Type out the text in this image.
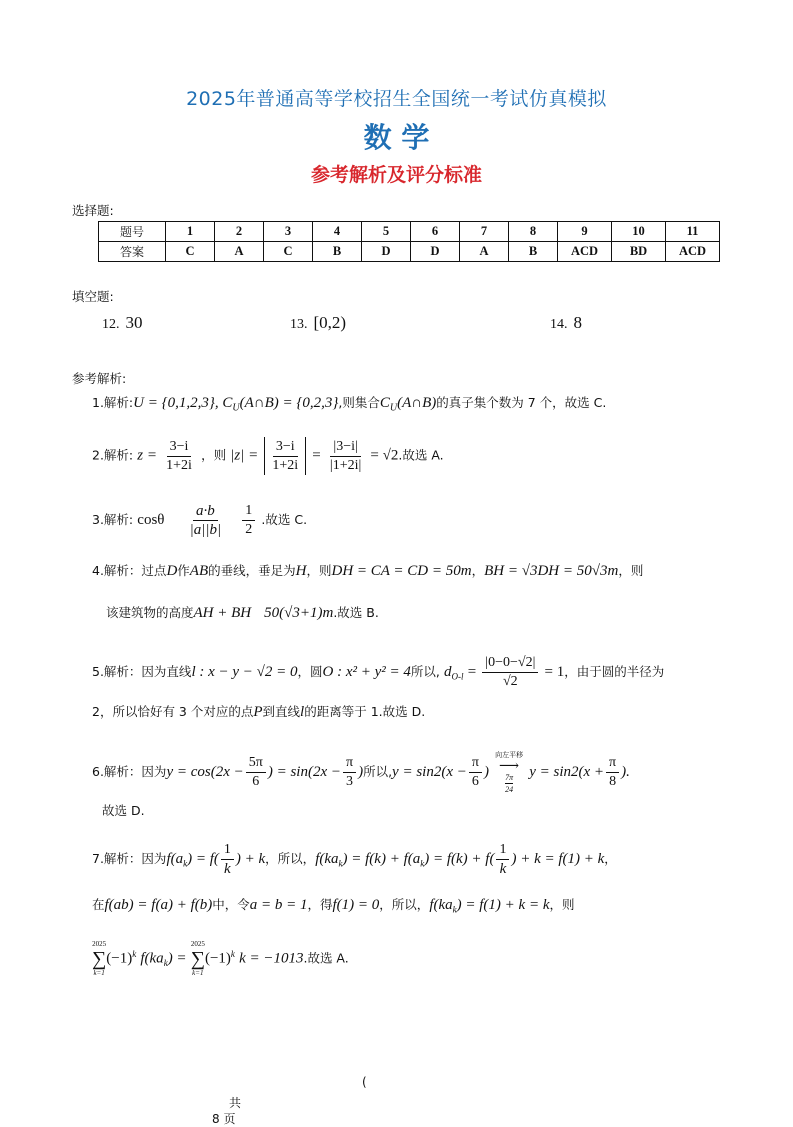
2025年普通高等学校招生全国统一考试仿真模拟
数 学
参考解析及评分标准
选择题:
题号	1	2	3	4	5	6	7	8	9	10	11
答案	C	A	C	B	D	D	A	B	ACD	BD	ACD
填空题:
12. 30	13. [0,2)	14. 8
参考解析:
1.解析:U = {0,1,2,3}, $C_U(A\cap B) = \{0,2,3\}$,则集合$C_U(A\cap B)$的真子集个数为 7 个，故选 C.
2.解析: $z = \frac{3-i}{1+2i}$ ，则 $|z| = \frac{3-i}{1+2i} = \frac{|3-i|}{|1+2i|} = √2$.故选 A.
3.解析: cosθ $\frac{a\cdot b}{|a||b|}$
$\frac{1}{2}$ .故选 C.
4.解析：过点D作AB的垂线，垂足为H，则DH = CA = CD = 50m，BH = √3DH = 50√3m，则
该建筑物的高度AH + BH  50(√3+1)m.故选 B.
5.解析：因为直线l : x − y − √2 = 0，圆O : x² + y² = 4所以, $d_{O-l} = \frac{|0-0-√2|}{√2} = 1$，由于圆的半径为
2，所以恰好有 3 个对应的点P到直线l的距离等于 1.故选 D.
6.解析：因为$y = \cos(2x - \frac{5\pi}{6}$ ) = $\sin(2x - \frac{\pi}{3}$ )所以$,y = \sin 2(x - \frac{\pi}{6}$ )
向左平移
⟶
7π
24
$y = \sin 2(x + \frac{\pi}{8}$ ).
故选 D.
7.解析：因为$f(a_k) = f( \frac{1}{k}$ ) + k，所以，$f(ka_k) = f(k) + f(a_k) = f(k) + f( \frac{1}{k}$ ) + k = f(1) + k，
在f(ab) = f(a) + f(b)中，令a = b = 1，得f(1) = 0，所以，$f(ka_k) = f(1) + k = k$，则
2025
∑
k=1
$(-1)^k$ $f(ka_k)$ =
2025
∑
k=1
$(-1)^k$ k = −1013.故选 A.
(
共
8 页
